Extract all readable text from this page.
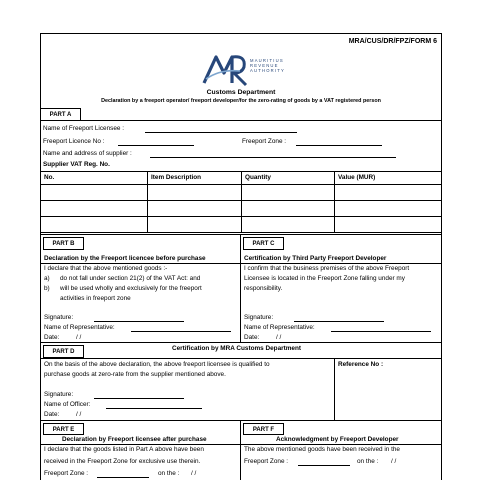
MRA/CUS/DR/FPZ/FORM 6
MAURITIUS
REVENUE
AUTHORITY
Customs Department
Declaration by a freeport operator/ freeport developer/for the zero-rating of goods by a VAT registered person
PART A
Name of Freeport Licensee :
Freeport Licence No :	Freeport Zone :
Name and address of supplier :
Supplier VAT Reg. No.
No.	Item Description	Quantity	Value (MUR)
PART B	PART C
Declaration by the Freeport licencee before purchase
I declare that the above mentioned goods :-
a) do not fall under section 21(2) of the VAT Act: and
b) will be used wholly and exclusively for the freeport
activities in freeport zone
Signature:
Name of Representative:
Date:	/ /
Certification by Third Party Freeport Developer
I confirm that the business premises of the above Freeport
Licensee is located in the Freeport Zone falling under my
responsibility.
Signature:
Name of Representative:
Date:	/ /
PART D	Certification by MRA Customs Department
On the basis of the above declaration, the above freeport licensee is qualified to
purchase goods at zero-rate from the supplier mentioned above.
Reference No :
Signature:
Name of Officer:
Date:	/ /
PART E	PART F
Declaration by Freeport licensee after purchase
I declare that the goods listed in Part A above have been
received in the Freeport Zone for exclusive use therein.
Freeport Zone :	on the : / /
Acknowledgment by Freeport Developer
The above mentioned goods have been received in the
Freeport Zone :	on the : / /
